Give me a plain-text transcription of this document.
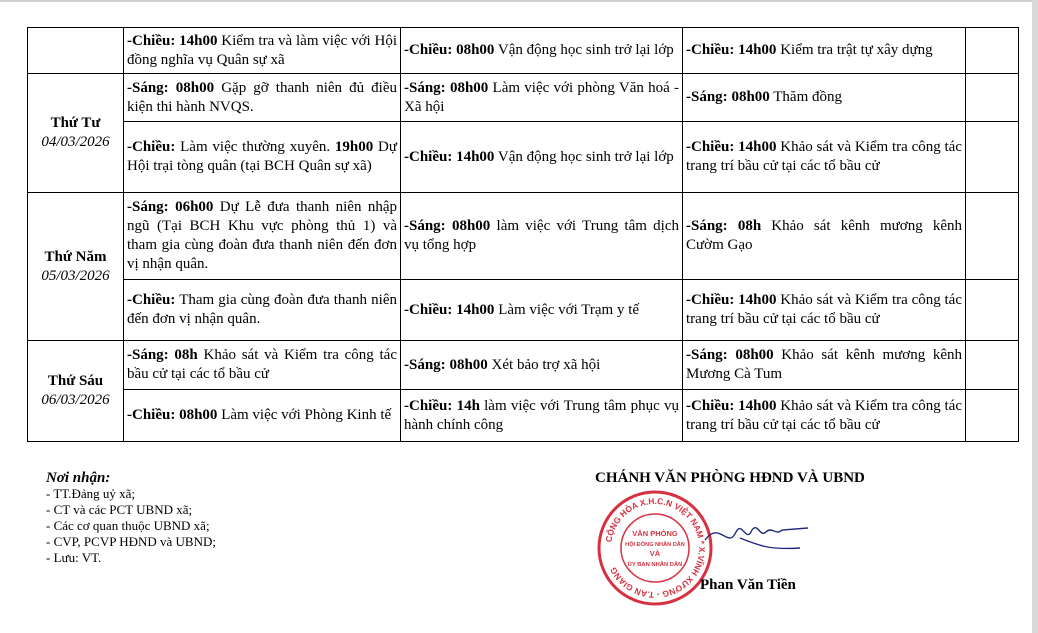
	-Chiều: 14h00 Kiểm tra và làm việc với Hội đồng nghĩa vụ Quân sự xã	-Chiều: 08h00 Vận động học sinh trở lại lớp	-Chiều: 14h00 Kiểm tra trật tự xây dựng	

Thứ Tư
04/03/2026	-Sáng: 08h00 Gặp gỡ thanh niên đủ điều kiện thi hành NVQS.	-Sáng: 08h00 Làm việc với phòng Văn hoá - Xã hội	-Sáng: 08h00 Thăm đồng	
	-Chiều: Làm việc thường xuyên. 19h00 Dự Hội trại tòng quân (tại BCH Quân sự xã)	-Chiều: 14h00 Vận động học sinh trở lại lớp	-Chiều: 14h00 Khảo sát và Kiểm tra công tác trang trí bầu cử tại các tổ bầu cử	

Thứ Năm
05/03/2026	-Sáng: 06h00 Dự Lễ đưa thanh niên nhập ngũ (Tại BCH Khu vực phòng thủ 1) và tham gia cùng đoàn đưa thanh niên đến đơn vị nhận quân.	-Sáng: 08h00 làm việc với Trung tâm dịch vụ tổng hợp	-Sáng: 08h Khảo sát kênh mương kênh Cườm Gạo	
	-Chiều: Tham gia cùng đoàn đưa thanh niên đến đơn vị nhận quân.	-Chiều: 14h00 Làm việc với Trạm y tế	-Chiều: 14h00 Khảo sát và Kiểm tra công tác trang trí bầu cử tại các tổ bầu cử	

Thứ Sáu
06/03/2026	-Sáng: 08h Khảo sát và Kiểm tra công tác bầu cử tại các tổ bầu cử	-Sáng: 08h00 Xét bảo trợ xã hội	-Sáng: 08h00 Khảo sát kênh mương kênh Mương Cà Tum	
	-Chiều: 08h00 Làm việc với Phòng Kinh tế	-Chiều: 14h làm việc với Trung tâm phục vụ hành chính công	-Chiều: 14h00 Khảo sát và Kiểm tra công tác trang trí bầu cử tại các tổ bầu cử	
Nơi nhận:
- TT.Đảng uỷ xã;
- CT và các PCT UBND xã;
- Các cơ quan thuộc UBND xã;
- CVP, PCVP HĐND và UBND;
- Lưu: VT.
CHÁNH VĂN PHÒNG HĐND VÀ UBND
CỘNG HÒA X.H.C.N VIỆT NAM * X.VĨNH XƯƠNG - T.AN GIANG
VĂN PHÒNG
HỘI ĐỒNG NHÂN DÂN
VÀ
ỦY BAN NHÂN DÂN
Phan Văn Tiền
